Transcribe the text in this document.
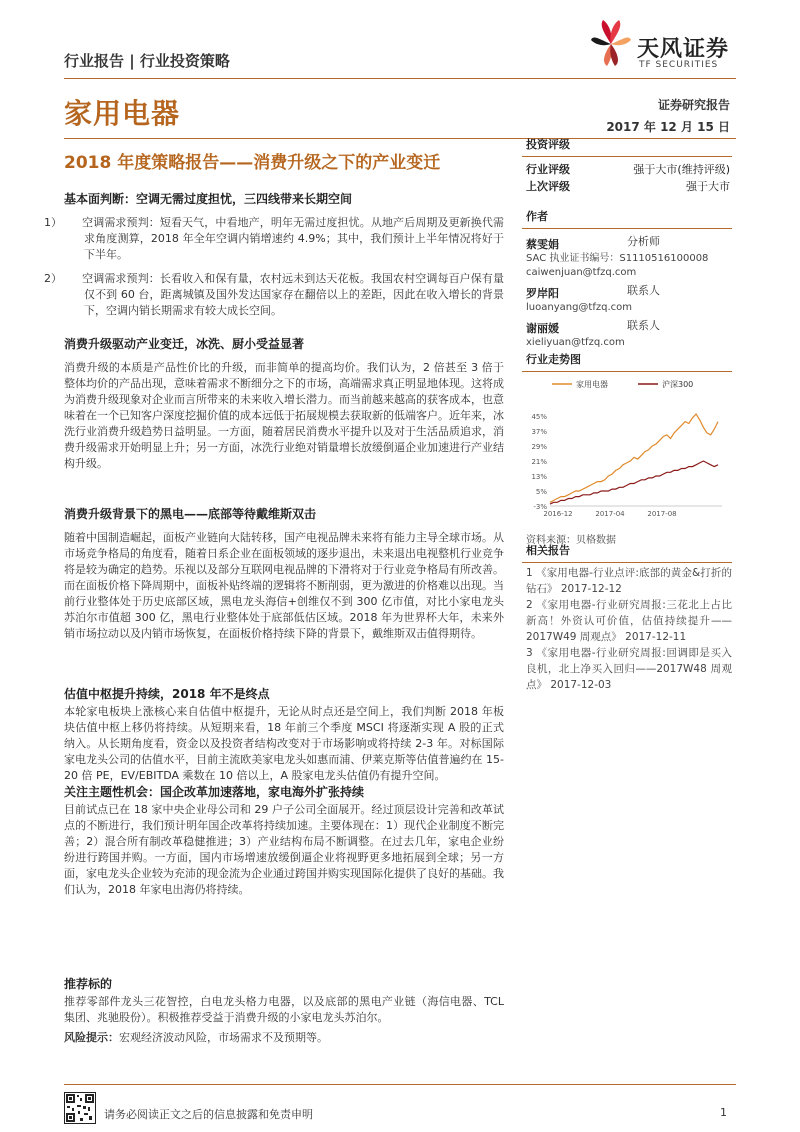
行业报告 | 行业投资策略	天风证券
TF SECURITIES
家用电器	证券研究报告
2017 年 12 月 15 日
2018 年度策略报告——消费升级之下的产业变迁
基本面判断：空调无需过度担忧，三四线带来长期空间
1） 空调需求预判：短看天气，中看地产，明年无需过度担忧。从地产后周期及更新换代需求角度测算，2018 年全年空调内销增速约 4.9%；其中，我们预计上半年情况将好于下半年。
2） 空调需求预判：长看收入和保有量，农村远未到达天花板。我国农村空调每百户保有量仅不到 60 台，距离城镇及国外发达国家存在翻倍以上的差距，因此在收入增长的背景下，空调内销长期需求有较大成长空间。
消费升级驱动产业变迁，冰洗、厨小受益显著
消费升级的本质是产品性价比的升级，而非简单的提高均价。我们认为，2 倍甚至 3 倍于整体均价的产品出现，意味着需求不断细分之下的市场，高端需求真正明显地体现。这将成为消费升级现象对企业而言所带来的未来收入增长潜力。而当前越来越高的获客成本，也意味着在一个已知客户深度挖掘价值的成本远低于拓展规模去获取新的低端客户。近年来，冰洗行业消费升级趋势日益明显。一方面，随着居民消费水平提升以及对于生活品质追求，消费升级需求开始明显上升；另一方面，冰洗行业绝对销量增长放缓倒逼企业加速进行产业结构升级。
消费升级背景下的黑电——底部等待戴维斯双击
随着中国制造崛起，面板产业链向大陆转移，国产电视品牌未来将有能力主导全球市场。从市场竞争格局的角度看，随着日系企业在面板领域的逐步退出，未来退出电视整机行业竞争将是较为确定的趋势。乐视以及部分互联网电视品牌的下滑将对于行业竞争格局有所改善。而在面板价格下降周期中，面板补贴终端的逻辑将不断削弱，更为激进的价格难以出现。当前行业整体处于历史底部区域，黑电龙头海信+创维仅不到 300 亿市值，对比小家电龙头苏泊尔市值超 300 亿，黑电行业整体处于底部低估区域。2018 年为世界杯大年，未来外销市场拉动以及内销市场恢复，在面板价格持续下降的背景下，戴维斯双击值得期待。
估值中枢提升持续，2018 年不是终点
本轮家电板块上涨核心来自估值中枢提升，无论从时点还是空间上，我们判断 2018 年板块估值中枢上移仍将持续。从短期来看，18 年前三个季度 MSCI 将逐渐实现 A 股的正式纳入。从长期角度看，资金以及投资者结构改变对于市场影响或将持续 2-3 年。对标国际家电龙头公司的估值水平，目前主流欧美家电龙头如惠而浦、伊莱克斯等估值普遍约在 15-20 倍 PE，EV/EBITDA 乘数在 10 倍以上，A 股家电龙头估值仍有提升空间。
关注主题性机会：国企改革加速落地，家电海外扩张持续
目前试点已在 18 家中央企业母公司和 29 户子公司全面展开。经过顶层设计完善和改革试点的不断进行，我们预计明年国企改革将持续加速。主要体现在：1）现代企业制度不断完善；2）混合所有制改革稳健推进；3）产业结构布局不断调整。在过去几年，家电企业纷纷进行跨国并购。一方面，国内市场增速放缓倒逼企业将视野更多地拓展到全球；另一方面，家电龙头企业较为充沛的现金流为企业通过跨国并购实现国际化提供了良好的基础。我们认为，2018 年家电出海仍将持续。
推荐标的
推荐零部件龙头三花智控，白电龙头格力电器，以及底部的黑电产业链（海信电器、TCL 集团、兆驰股份）。积极推荐受益于消费升级的小家电龙头苏泊尔。
风险提示：宏观经济波动风险，市场需求不及预期等。
投资评级
行业评级	强于大市(维持评级)
上次评级	强于大市
作者
蔡雯娟	分析师
SAC 执业证书编号：S1110516100008
caiwenjuan@tfzq.com
罗岸阳	联系人
luoanyang@tfzq.com
谢丽媛	联系人
xieliyuan@tfzq.com
行业走势图
家用电器	沪深300
-3%
5%
13%
21%
29%
37%
45%
2016-12	2017-04	2017-08
资料来源：贝格数据
相关报告
1 《家用电器-行业点评:底部的黄金&打折的钻石》 2017-12-12
2 《家用电器-行业研究周报:三花北上占比新高！外资认可价值，估值持续提升——2017W49 周观点》 2017-12-11
3 《家用电器-行业研究周报:回调即是买入良机，北上净买入回归——2017W48 周观点》 2017-12-03
请务必阅读正文之后的信息披露和免责申明	1
